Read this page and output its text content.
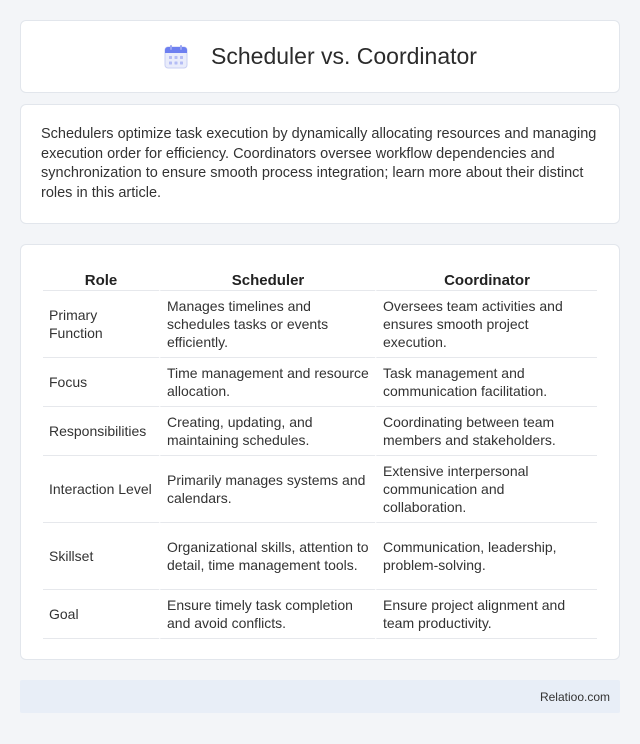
Scheduler vs. Coordinator

Schedulers optimize task execution by dynamically allocating resources and managing execution order for efficiency. Coordinators oversee workflow dependencies and synchronization to ensure smooth process integration; learn more about their distinct roles in this article.

Role	Scheduler	Coordinator
Primary Function	Manages timelines and schedules tasks or events efficiently.	Oversees team activities and ensures smooth project execution.
Focus	Time management and resource allocation.	Task management and communication facilitation.
Responsibilities	Creating, updating, and maintaining schedules.	Coordinating between team members and stakeholders.
Interaction Level	Primarily manages systems and calendars.	Extensive interpersonal communication and collaboration.
Skillset	Organizational skills, attention to detail, time management tools.	Communication, leadership, problem-solving.
Goal	Ensure timely task completion and avoid conflicts.	Ensure project alignment and team productivity.
Relatioo.com
